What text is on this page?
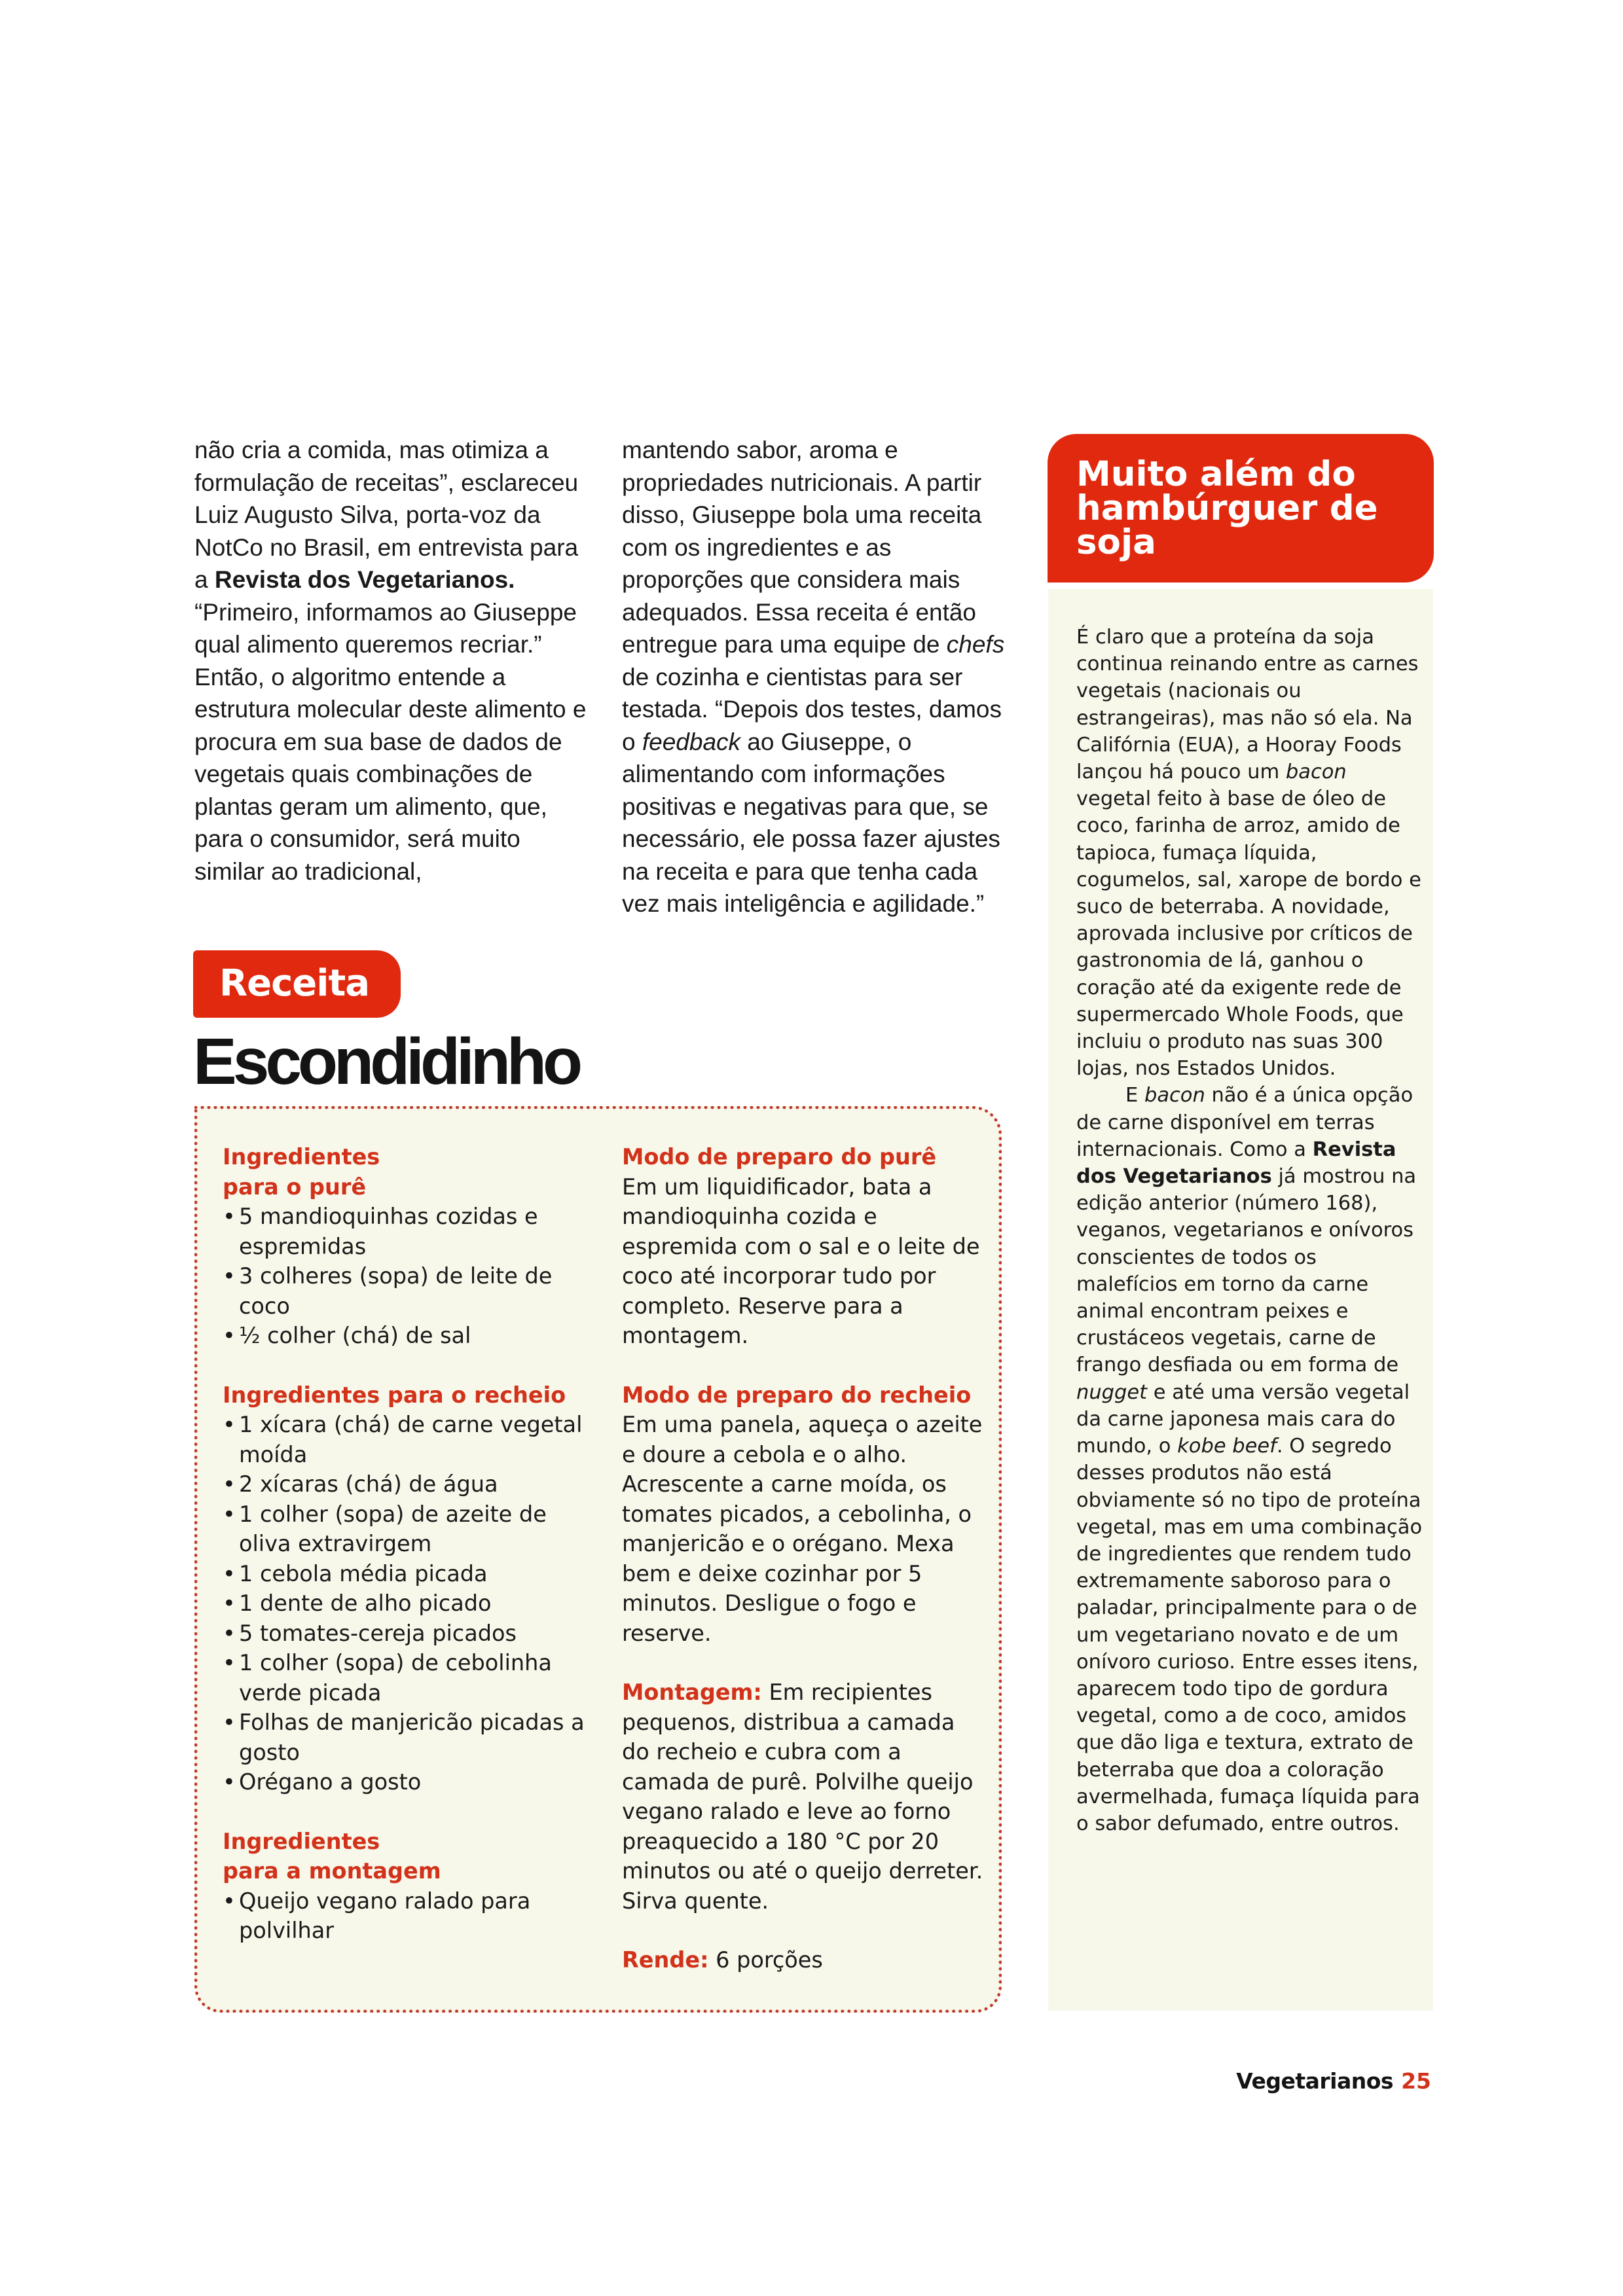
não cria a comida, mas otimiza a formulação de receitas”, esclareceu Luiz Augusto Silva, porta-voz da NotCo no Brasil, em entrevista para a Revista dos Vegetarianos. “Primeiro, informamos ao Giuseppe qual alimento queremos recriar.” Então, o algoritmo entende a estrutura molecular deste alimento e procura em sua base de dados de vegetais quais combinações de plantas geram um alimento, que, para o consumidor, será muito similar ao tradicional,

mantendo sabor, aroma e propriedades nutricionais. A partir disso, Giuseppe bola uma receita com os ingredientes e as proporções que considera mais adequados. Essa receita é então entregue para uma equipe de chefs de cozinha e cientistas para ser testada. “Depois dos testes, damos o feedback ao Giuseppe, o alimentando com informações positivas e negativas para que, se necessário, ele possa fazer ajustes na receita e para que tenha cada vez mais inteligência e agilidade.”

Receita
Escondidinho
Ingredientes
para o purê
• 5 mandioquinhas cozidas e espremidas
• 3 colheres (sopa) de leite de coco
• ½ colher (chá) de sal
Ingredientes para o recheio
• 1 xícara (chá) de carne vegetal moída
• 2 xícaras (chá) de água
• 1 colher (sopa) de azeite de oliva extravirgem
• 1 cebola média picada
• 1 dente de alho picado
• 5 tomates-cereja picados
• 1 colher (sopa) de cebolinha verde picada
• Folhas de manjericão picadas a gosto
• Orégano a gosto
Ingredientes
para a montagem
• Queijo vegano ralado para polvilhar
Modo de preparo do purê
Em um liquidificador, bata a mandioquinha cozida e espremida com o sal e o leite de coco até incorporar tudo por completo. Reserve para a montagem.
Modo de preparo do recheio
Em uma panela, aqueça o azeite e doure a cebola e o alho. Acrescente a carne moída, os tomates picados, a cebolinha, o manjericão e o orégano. Mexa bem e deixe cozinhar por 5 minutos. Desligue o fogo e reserve.
Montagem: Em recipientes pequenos, distribua a camada do recheio e cubra com a camada de purê. Polvilhe queijo vegano ralado e leve ao forno preaquecido a 180 °C por 20 minutos ou até o queijo derreter. Sirva quente.
Rende: 6 porções
Muito além do hambúrguer de soja

É claro que a proteína da soja continua reinando entre as carnes vegetais (nacionais ou estrangeiras), mas não só ela. Na Califórnia (EUA), a Hooray Foods lançou há pouco um bacon vegetal feito à base de óleo de coco, farinha de arroz, amido de tapioca, fumaça líquida, cogumelos, sal, xarope de bordo e suco de beterraba. A novidade, aprovada inclusive por críticos de gastronomia de lá, ganhou o coração até da exigente rede de supermercado Whole Foods, que incluiu o produto nas suas 300 lojas, nos Estados Unidos.

E bacon não é a única opção de carne disponível em terras internacionais. Como a Revista dos Vegetarianos já mostrou na edição anterior (número 168), veganos, vegetarianos e onívoros conscientes de todos os malefícios em torno da carne animal encontram peixes e crustáceos vegetais, carne de frango desfiada ou em forma de nugget e até uma versão vegetal da carne japonesa mais cara do mundo, o kobe beef. O segredo desses produtos não está obviamente só no tipo de proteína vegetal, mas em uma combinação de ingredientes que rendem tudo extremamente saboroso para o paladar, principalmente para o de um vegetariano novato e de um onívoro curioso. Entre esses itens, aparecem todo tipo de gordura vegetal, como a de coco, amidos que dão liga e textura, extrato de beterraba que doa a coloração avermelhada, fumaça líquida para o sabor defumado, entre outros.

Vegetarianos 25
